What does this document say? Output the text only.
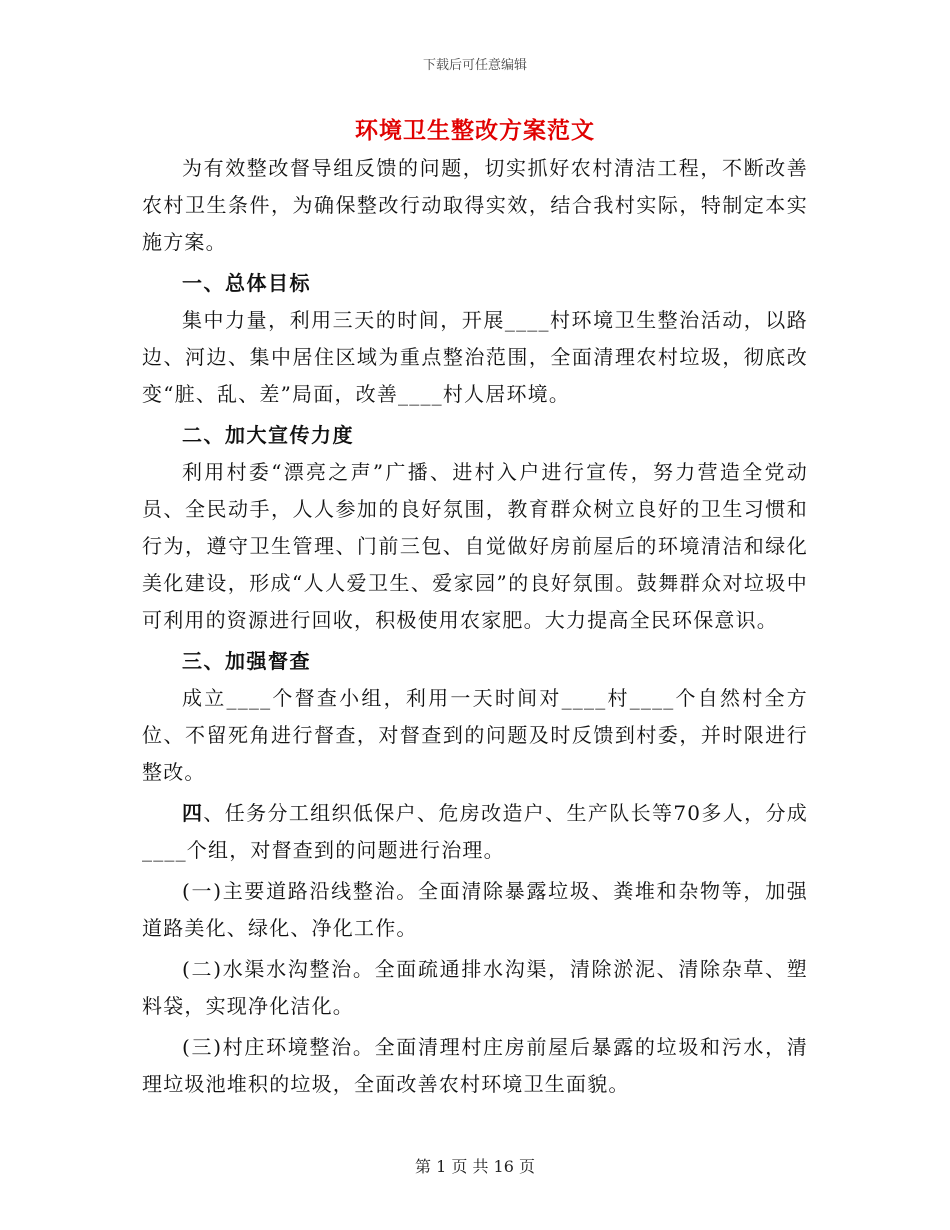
下载后可任意编辑
环境卫生整改方案范文

为有效整改督导组反馈的问题，切实抓好农村清洁工程，不断改善农村卫生条件，为确保整改行动取得实效，结合我村实际，特制定本实施方案。

一、总体目标

集中力量，利用三天的时间，开展____村环境卫生整治活动，以路边、河边、集中居住区域为重点整治范围，全面清理农村垃圾，彻底改变“脏、乱、差”局面，改善____村人居环境。

二、加大宣传力度

利用村委“漂亮之声”广播、进村入户进行宣传，努力营造全党动员、全民动手，人人参加的良好氛围，教育群众树立良好的卫生习惯和行为，遵守卫生管理、门前三包、自觉做好房前屋后的环境清洁和绿化美化建设，形成“人人爱卫生、爱家园”的良好氛围。鼓舞群众对垃圾中可利用的资源进行回收，积极使用农家肥。大力提高全民环保意识。

三、加强督查

成立____个督查小组，利用一天时间对____村____个自然村全方位、不留死角进行督查，对督查到的问题及时反馈到村委，并时限进行整改。

四、任务分工组织低保户、危房改造户、生产队长等70多人，分成____个组，对督查到的问题进行治理。

(一)主要道路沿线整治。全面清除暴露垃圾、粪堆和杂物等，加强道路美化、绿化、净化工作。

(二)水渠水沟整治。全面疏通排水沟渠，清除淤泥、清除杂草、塑料袋，实现净化洁化。

(三)村庄环境整治。全面清理村庄房前屋后暴露的垃圾和污水，清理垃圾池堆积的垃圾，全面改善农村环境卫生面貌。

第 1 页 共 16 页
